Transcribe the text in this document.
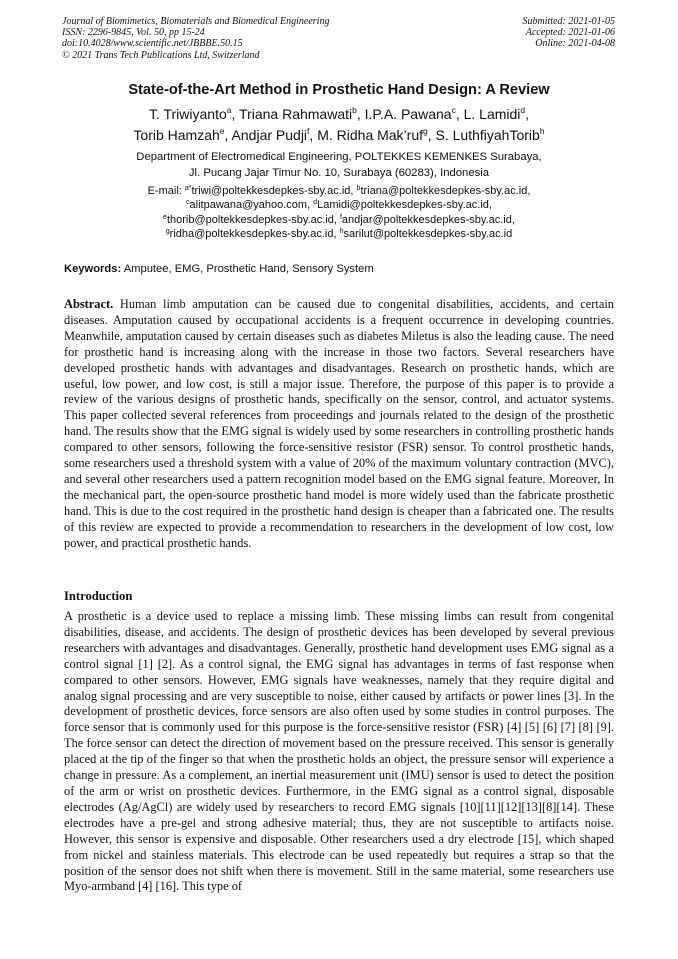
Journal of Biomimetics, Biomaterials and Biomedical Engineering
ISSN: 2296-9845, Vol. 50, pp 15-24
doi:10.4028/www.scientific.net/JBBBE.50.15
© 2021 Trans Tech Publications Ltd, Switzerland
Submitted: 2021-01-05
Accepted: 2021-01-06
Online: 2021-04-08
State-of-the-Art Method in Prosthetic Hand Design: A Review
T. Triwiyanto$^a$, Triana Rahmawati$^b$, I.P.A. Pawana$^c$, L. Lamidi$^d$,
Torib Hamzah$^e$, Andjar Pudji$^f$, M. Ridha Mak’ruf$^g$, S. LuthfiyahTorib$^h$
Department of Electromedical Engineering, POLTEKKES KEMENKES Surabaya,
Jl. Pucang Jajar Timur No. 10, Surabaya (60283), Indonesia
E-mail: $^{a*}$triwi@poltekkesdepkes-sby.ac.id, $^b$triana@poltekkesdepkes-sby.ac.id,
$^c$alitpawana@yahoo.com, $^d$Lamidi@poltekkesdepkes-sby.ac.id,
$^e$thorib@poltekkesdepkes-sby.ac.id, $^f$andjar@poltekkesdepkes-sby.ac.id,
$^g$ridha@poltekkesdepkes-sby.ac.id, $^h$sarilut@poltekkesdepkes-sby.ac.id
Keywords: Amputee, EMG, Prosthetic Hand, Sensory System
Abstract. Human limb amputation can be caused due to congenital disabilities, accidents, and certain diseases. Amputation caused by occupational accidents is a frequent occurrence in developing countries. Meanwhile, amputation caused by certain diseases such as diabetes Miletus is also the leading cause. The need for prosthetic hand is increasing along with the increase in those two factors. Several researchers have developed prosthetic hands with advantages and disadvantages. Research on prosthetic hands, which are useful, low power, and low cost, is still a major issue. Therefore, the purpose of this paper is to provide a review of the various designs of prosthetic hands, specifically on the sensor, control, and actuator systems. This paper collected several references from proceedings and journals related to the design of the prosthetic hand. The results show that the EMG signal is widely used by some researchers in controlling prosthetic hands compared to other sensors, following the force-sensitive resistor (FSR) sensor. To control prosthetic hands, some researchers used a threshold system with a value of 20% of the maximum voluntary contraction (MVC), and several other researchers used a pattern recognition model based on the EMG signal feature. Moreover, In the mechanical part, the open-source prosthetic hand model is more widely used than the fabricate prosthetic hand. This is due to the cost required in the prosthetic hand design is cheaper than a fabricated one. The results of this review are expected to provide a recommendation to researchers in the development of low cost, low power, and practical prosthetic hands.
Introduction
A prosthetic is a device used to replace a missing limb. These missing limbs can result from congenital disabilities, disease, and accidents. The design of prosthetic devices has been developed by several previous researchers with advantages and disadvantages. Generally, prosthetic hand development uses EMG signal as a control signal [1] [2]. As a control signal, the EMG signal has advantages in terms of fast response when compared to other sensors. However, EMG signals have weaknesses, namely that they require digital and analog signal processing and are very susceptible to noise, either caused by artifacts or power lines [3]. In the development of prosthetic devices, force sensors are also often used by some studies in control purposes. The force sensor that is commonly used for this purpose is the force-sensitive resistor (FSR) [4] [5] [6] [7] [8] [9]. The force sensor can detect the direction of movement based on the pressure received. This sensor is generally placed at the tip of the finger so that when the prosthetic holds an object, the pressure sensor will experience a change in pressure. As a complement, an inertial measurement unit (IMU) sensor is used to detect the position of the arm or wrist on prosthetic devices. Furthermore, in the EMG signal as a control signal, disposable electrodes (Ag/AgCl) are widely used by researchers to record EMG signals [10][11][12][13][8][14]. These electrodes have a pre-gel and strong adhesive material; thus, they are not susceptible to artifacts noise. However, this sensor is expensive and disposable. Other researchers used a dry electrode [15], which shaped from nickel and stainless materials. This electrode can be used repeatedly but requires a strap so that the position of the sensor does not shift when there is movement. Still in the same material, some researchers use Myo-armband [4] [16]. This type of
